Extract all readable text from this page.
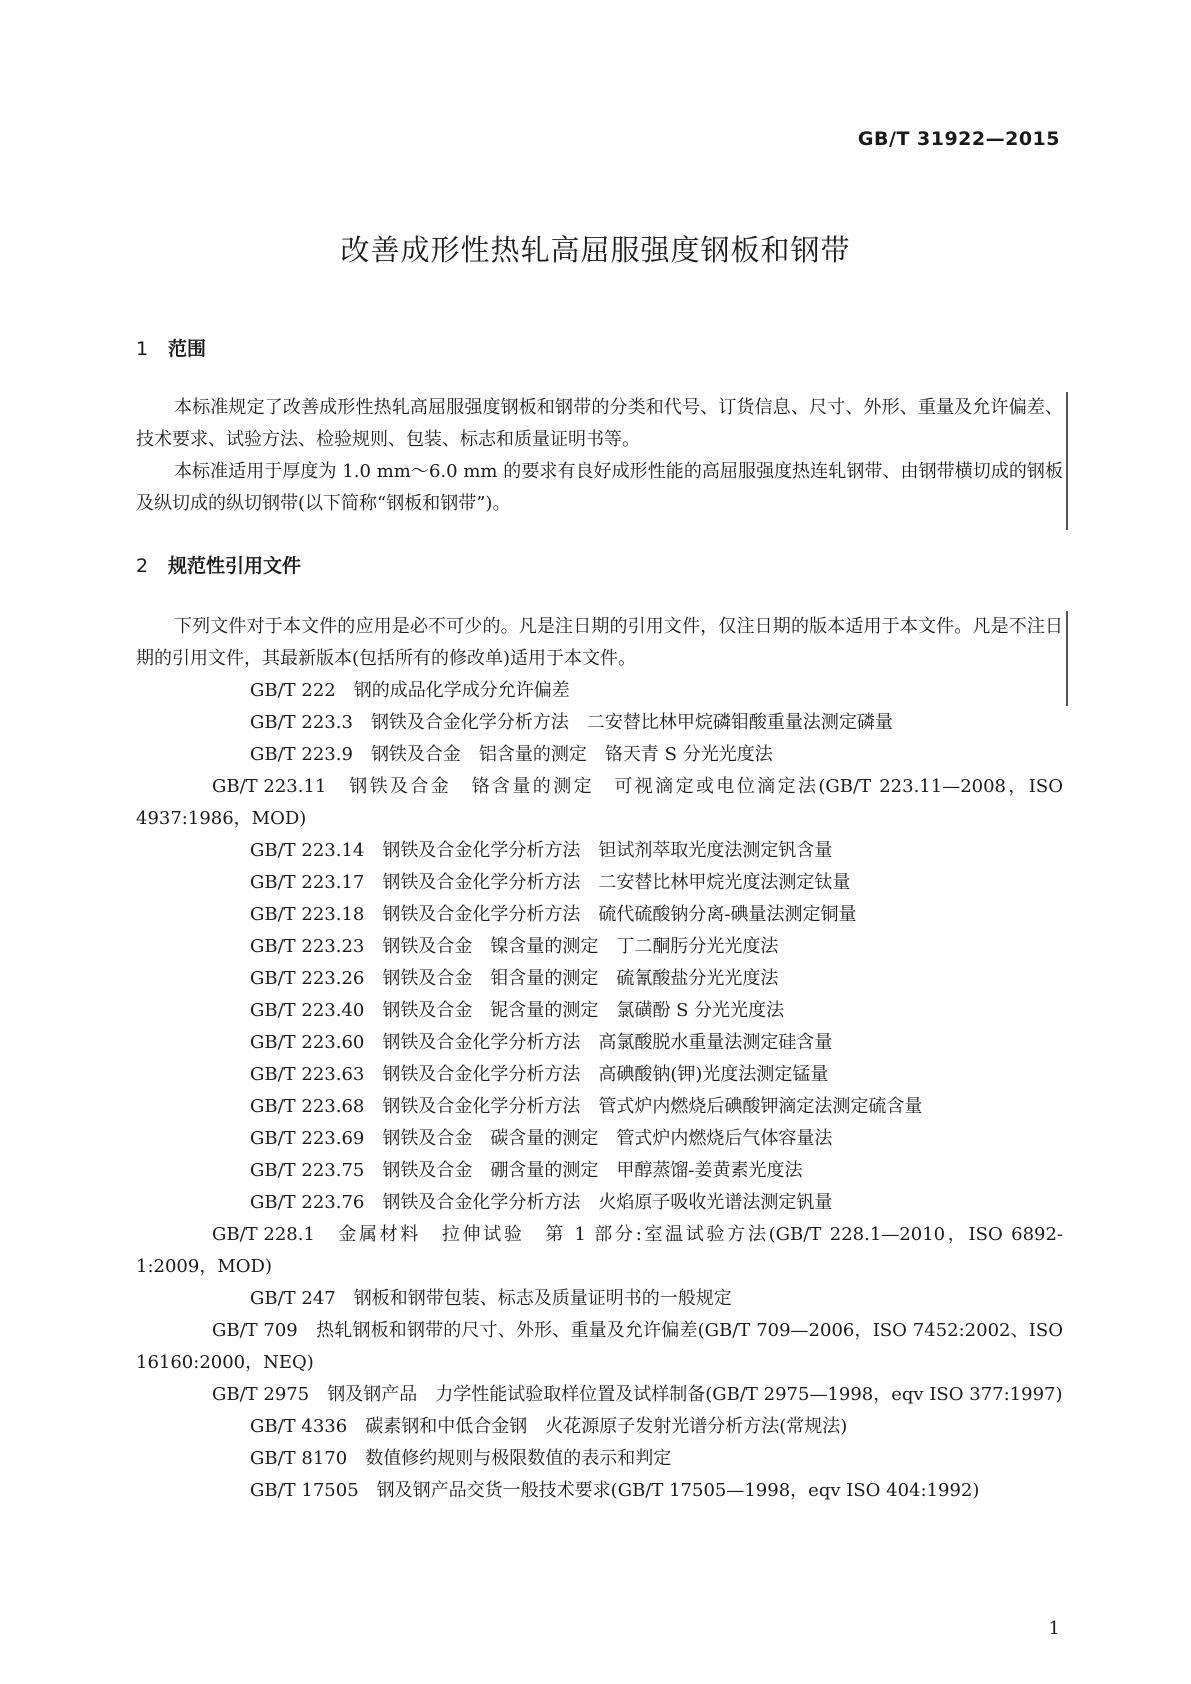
GB/T 31922—2015
改善成形性热轧高屈服强度钢板和钢带
1 范围

本标准规定了改善成形性热轧高屈服强度钢板和钢带的分类和代号、订货信息、尺寸、外形、重量及允许偏差、技术要求、试验方法、检验规则、包装、标志和质量证明书等。

本标准适用于厚度为 1.0 mm～6.0 mm 的要求有良好成形性能的高屈服强度热连轧钢带、由钢带横切成的钢板及纵切成的纵切钢带(以下简称“钢板和钢带”)。

2 规范性引用文件

下列文件对于本文件的应用是必不可少的。凡是注日期的引用文件，仅注日期的版本适用于本文件。凡是不注日期的引用文件，其最新版本(包括所有的修改单)适用于本文件。

GB/T 222　 钢的成品化学成分允许偏差

GB/T 223.3　 钢铁及合金化学分析方法　二安替比林甲烷磷钼酸重量法测定磷量

GB/T 223.9　 钢铁及合金　铝含量的测定　铬天青 S 分光光度法

GB/T 223.11　 钢铁及合金　铬含量的测定　可视滴定或电位滴定法(GB/T 223.11—2008，ISO 4937:1986，MOD)

GB/T 223.14　 钢铁及合金化学分析方法　钽试剂萃取光度法测定钒含量

GB/T 223.17　 钢铁及合金化学分析方法　二安替比林甲烷光度法测定钛量

GB/T 223.18　 钢铁及合金化学分析方法　硫代硫酸钠分离-碘量法测定铜量

GB/T 223.23　 钢铁及合金　镍含量的测定　丁二酮肟分光光度法

GB/T 223.26　 钢铁及合金　钼含量的测定　硫氰酸盐分光光度法

GB/T 223.40　 钢铁及合金　铌含量的测定　氯磺酚 S 分光光度法

GB/T 223.60　 钢铁及合金化学分析方法　高氯酸脱水重量法测定硅含量

GB/T 223.63　 钢铁及合金化学分析方法　高碘酸钠(钾)光度法测定锰量

GB/T 223.68　 钢铁及合金化学分析方法　管式炉内燃烧后碘酸钾滴定法测定硫含量

GB/T 223.69　 钢铁及合金　碳含量的测定　管式炉内燃烧后气体容量法

GB/T 223.75　 钢铁及合金　硼含量的测定　甲醇蒸馏-姜黄素光度法

GB/T 223.76　 钢铁及合金化学分析方法　火焰原子吸收光谱法测定钒量

GB/T 228.1　 金属材料　拉伸试验　第 1 部分:室温试验方法(GB/T 228.1—2010，ISO 6892-1:2009，MOD)

GB/T 247　 钢板和钢带包装、标志及质量证明书的一般规定

GB/T 709　 热轧钢板和钢带的尺寸、外形、重量及允许偏差(GB/T 709—2006，ISO 7452:2002、ISO 16160:2000，NEQ)

GB/T 2975　 钢及钢产品　力学性能试验取样位置及试样制备(GB/T 2975—1998，eqv ISO 377:1997)

GB/T 4336　 碳素钢和中低合金钢　火花源原子发射光谱分析方法(常规法)

GB/T 8170　 数值修约规则与极限数值的表示和判定

GB/T 17505　 钢及钢产品交货一般技术要求(GB/T 17505—1998，eqv ISO 404:1992)

1
